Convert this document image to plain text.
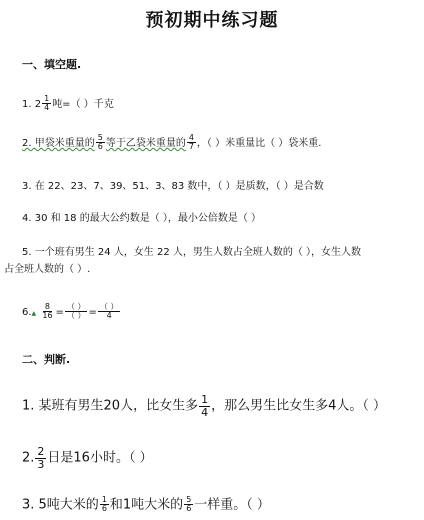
预初期中练习题
一、填空题.
1. $2 \frac{1}{4}$ 吨=（ ）千克
2. 甲袋米重量的 $\frac{5}{6}$ 等于乙袋米重量的 $\frac{4}{7}$ ，（ ）米重量比（ ）袋米重.
3. 在 22、23、7、39、51、3、83 数中，（ ）是质数，（ ）是合数
4. 30 和 18 的最大公约数是（ ），最小公倍数是（ ）
5. 一个班有男生 24 人，女生 22 人，男生人数占全班人数的（ ），女生人数
占全班人数的（ ）.
6.▲ $\frac{8}{16} = \frac{( )}{( )} = \frac{( )}{4}$
二、判断.
1. 某班有男生20人，比女生多 $\frac{1}{4}$ ，那么男生比女生多4人。（ ）
2. $\frac{2}{3}$ 日是16小时。（ ）
3. 5吨大米的 $\frac{1}{6}$ 和1吨大米的 $\frac{5}{6}$ 一样重。（ ）
